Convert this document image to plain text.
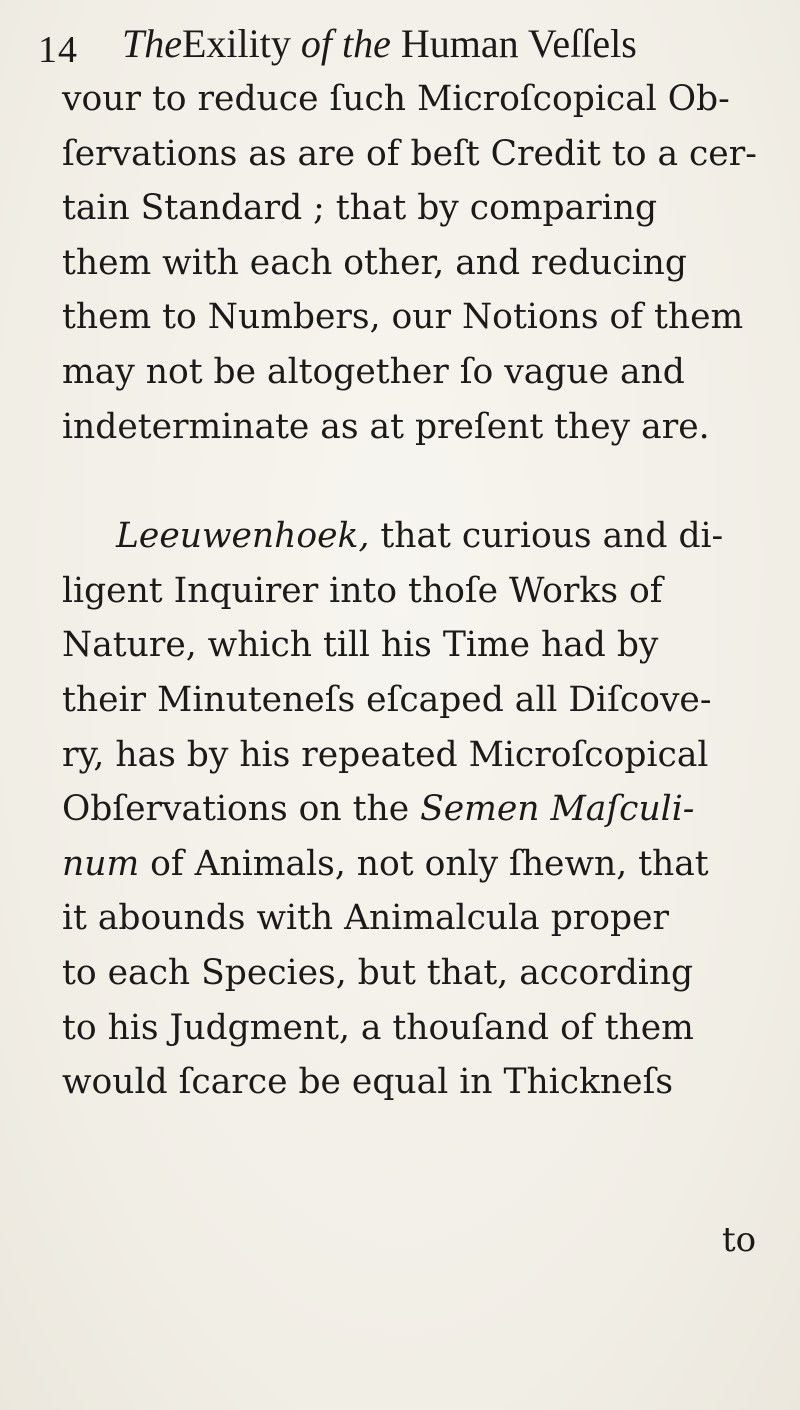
14 TheExility of the Human Veſſels
vour to reduce ſuch Microſcopical Ob-
ſervations as are of beſt Credit to a cer-
tain Standard ; that by comparing
them with each other, and reducing
them to Numbers, our Notions of them
may not be altogether ſo vague and
indeterminate as at preſent they are.
Leeuwenhoek, that curious and di-
ligent Inquirer into thoſe Works of
Nature, which till his Time had by
their Minuteneſs eſcaped all Diſcove-
ry, has by his repeated Microſcopical
Obſervations on the Semen Maſculi-
num of Animals, not only ſhewn, that
it abounds with Animalcula proper
to each Species, but that, according
to his Judgment, a thouſand of them
would ſcarce be equal in Thickneſs
to
